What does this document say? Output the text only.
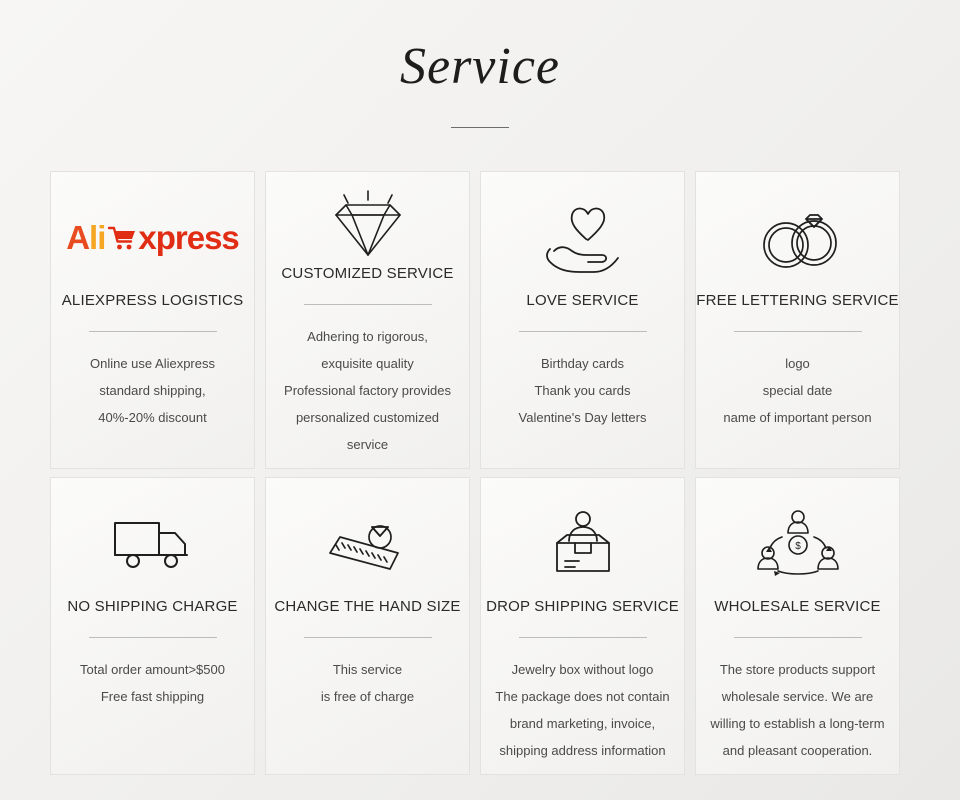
Service
A li xpress
ALIEXPRESS LOGISTICS
Online use Aliexpress
standard shipping,
40%-20% discount
CUSTOMIZED SERVICE
Adhering to rigorous,
exquisite quality
Professional factory provides
personalized customized service
LOVE SERVICE
Birthday cards
Thank you cards
Valentine's Day letters
FREE LETTERING SERVICE
logo
special date
name of important person
NO SHIPPING CHARGE
Total order amount>$500
Free fast shipping
CHANGE THE HAND SIZE
This service
is free of charge
DROP SHIPPING SERVICE
Jewelry box without logo
The package does not contain
brand marketing, invoice,
shipping address information
$
WHOLESALE SERVICE
The store products support
wholesale service. We are
willing to establish a long-term
and pleasant cooperation.
